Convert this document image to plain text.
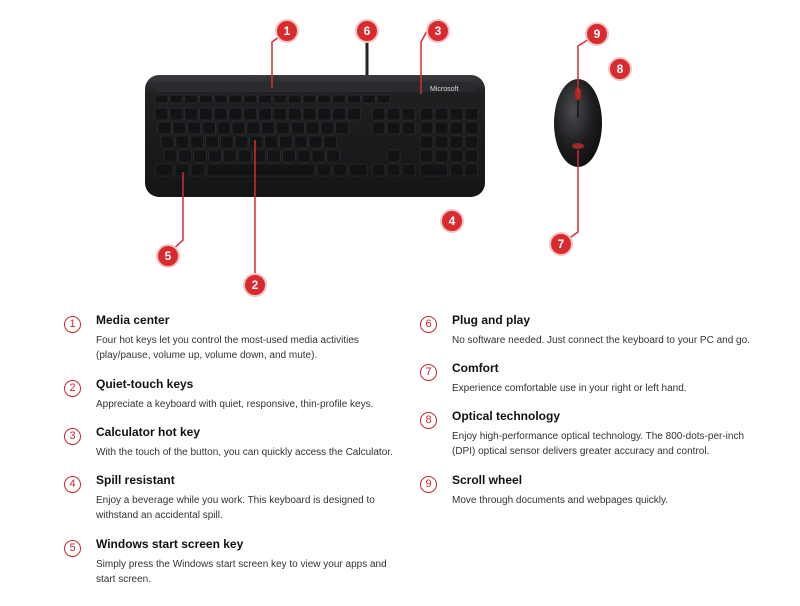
Microsoft
1	6	3	9
8
4
5
2
7
1	Media center
Four hot keys let you control the most-used media activities (play/pause, volume up, volume down, and mute).
2	Quiet-touch keys
Appreciate a keyboard with quiet, responsive, thin-profile keys.
3	Calculator hot key
With the touch of the button, you can quickly access the Calculator.
4	Spill resistant
Enjoy a beverage while you work. This keyboard is designed to withstand an accidental spill.
5	Windows start screen key
Simply press the Windows start screen key to view your apps and start screen.
6	Plug and play
No software needed. Just connect the keyboard to your PC and go.
7	Comfort
Experience comfortable use in your right or left hand.
8	Optical technology
Enjoy high-performance optical technology. The 800-dots-per-inch (DPI) optical sensor delivers greater accuracy and control.
9	Scroll wheel
Move through documents and webpages quickly.
